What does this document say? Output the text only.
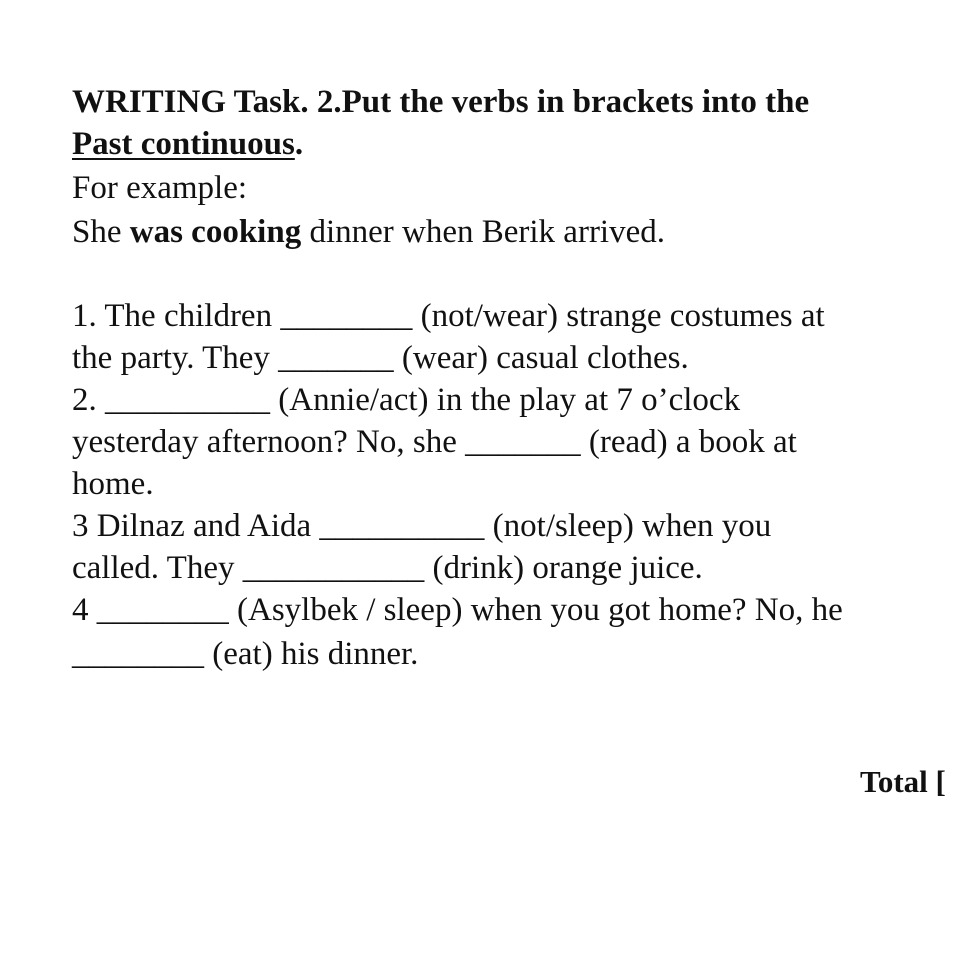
WRITING Task. 2.Put the verbs in brackets into the
Past continuous.
For example:
She was cooking dinner when Berik arrived.
1. The children ________ (not/wear) strange costumes at
the party. They _______ (wear) casual clothes.
2. __________ (Annie/act) in the play at 7 o’clock
yesterday afternoon? No, she _______ (read) a book at
home.
3 Dilnaz and Aida __________ (not/sleep) when you
called. They ___________ (drink) orange juice.
4 ________ (Asylbek / sleep) when you got home? No, he
________ (eat) his dinner.
Total [
